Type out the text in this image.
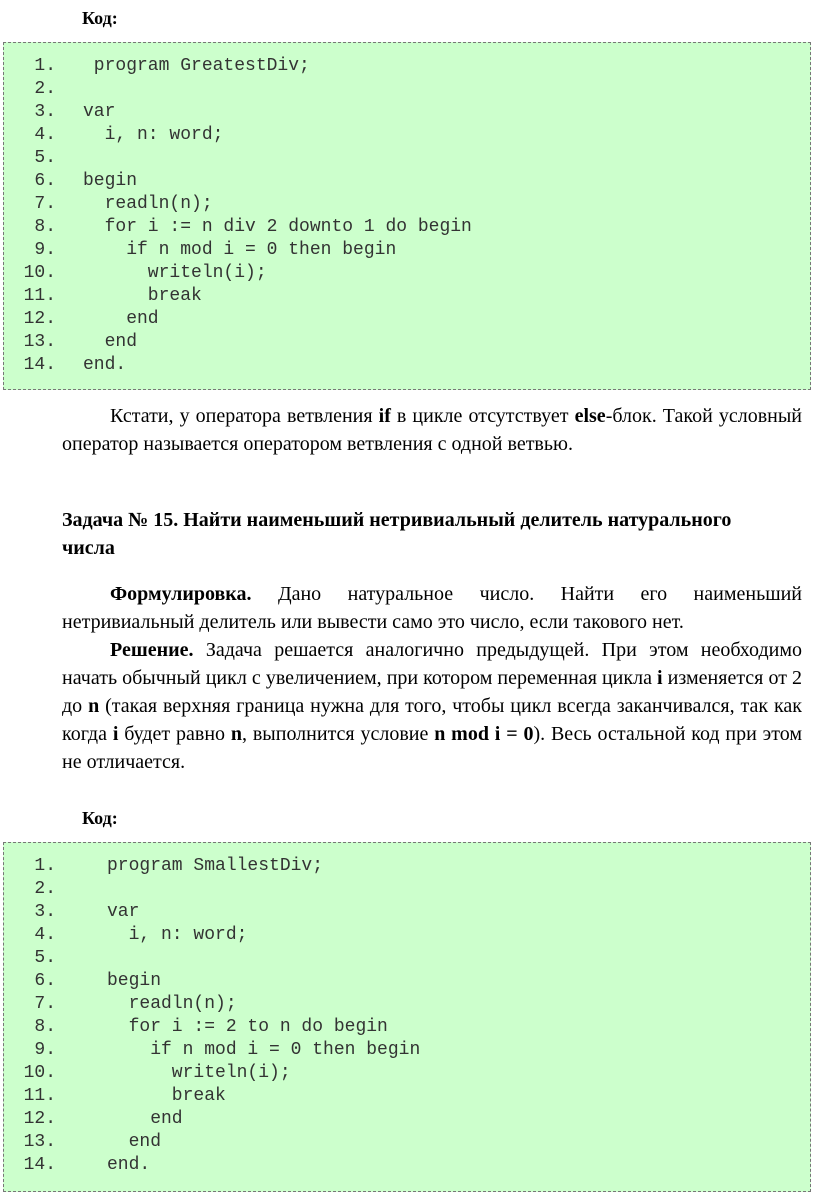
Код:
1. program GreatestDiv;
2.
3. var
4. i, n: word;
5.
6. begin
7. readln(n);
8. for i := n div 2 downto 1 do begin
9. if n mod i = 0 then begin
10. writeln(i);
11. break
12. end
13. end
14. end.
Кстати, у оператора ветвления if в цикле отсутствует else-блок. Такой условный оператор называется оператором ветвления с одной ветвью.
Задача № 15. Найти наименьший нетривиальный делитель натурального числа
Формулировка. Дано натуральное число. Найти его наименьший нетривиальный делитель или вывести само это число, если такового нет.
Решение. Задача решается аналогично предыдущей. При этом необходимо начать обычный цикл с увеличением, при котором переменная цикла i изменяется от 2 до n (такая верхняя граница нужна для того, чтобы цикл всегда заканчивался, так как когда i будет равно n, выполнится условие n mod i = 0). Весь остальной код при этом не отличается.
Код:
1.	program SmallestDiv;
2.
3.	var
4.	i, n: word;
5.
6.	begin
7.	readln(n);
8.	for i := 2 to n do begin
9.	if n mod i = 0 then begin
10.	writeln(i);
11.	break
12.	end
13.	end
14.	end.
